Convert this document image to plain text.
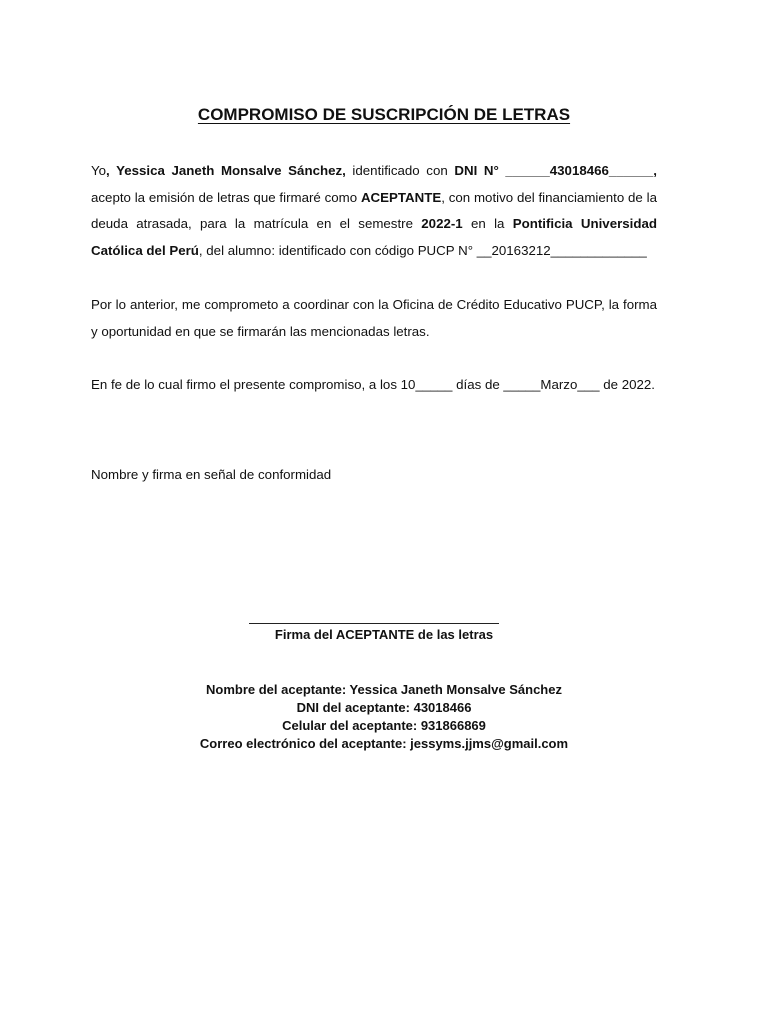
COMPROMISO DE SUSCRIPCIÓN DE LETRAS

Yo, Yessica Janeth Monsalve Sánchez, identificado con DNI N° ______43018466______, acepto la emisión de letras que firmaré como ACEPTANTE, con motivo del financiamiento de la deuda atrasada, para la matrícula en el semestre 2022-1 en la Pontificia Universidad Católica del Perú, del alumno: identificado con código PUCP N° __20163212_____________

Por lo anterior, me comprometo a coordinar con la Oficina de Crédito Educativo PUCP, la forma y oportunidad en que se firmarán las mencionadas letras.

En fe de lo cual firmo el presente compromiso, a los 10_____ días de _____Marzo___ de 2022.

Nombre y firma en señal de conformidad

Firma del ACEPTANTE de las letras

Nombre del aceptante: Yessica Janeth Monsalve Sánchez
DNI del aceptante: 43018466
Celular del aceptante: 931866869
Correo electrónico del aceptante: jessyms.jjms@gmail.com
